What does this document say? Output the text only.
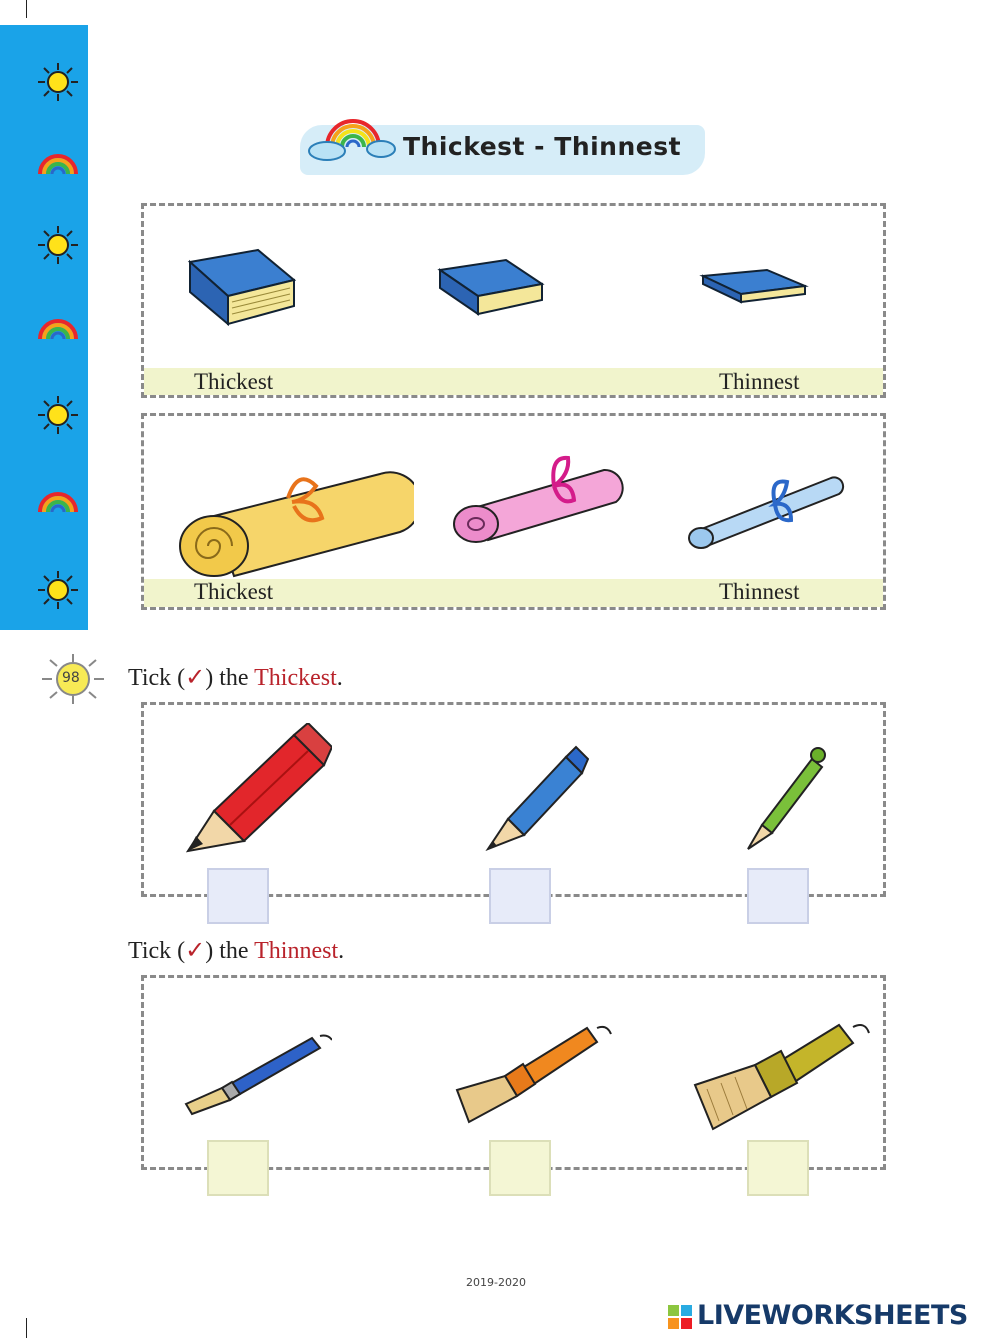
Thickest - Thinnest
Thickest	Thinnest
Thickest	Thinnest
98 Tick (✓) the Thickest.
Tick (✓) the Thinnest.
2019-2020
LIVEWORKSHEETS
